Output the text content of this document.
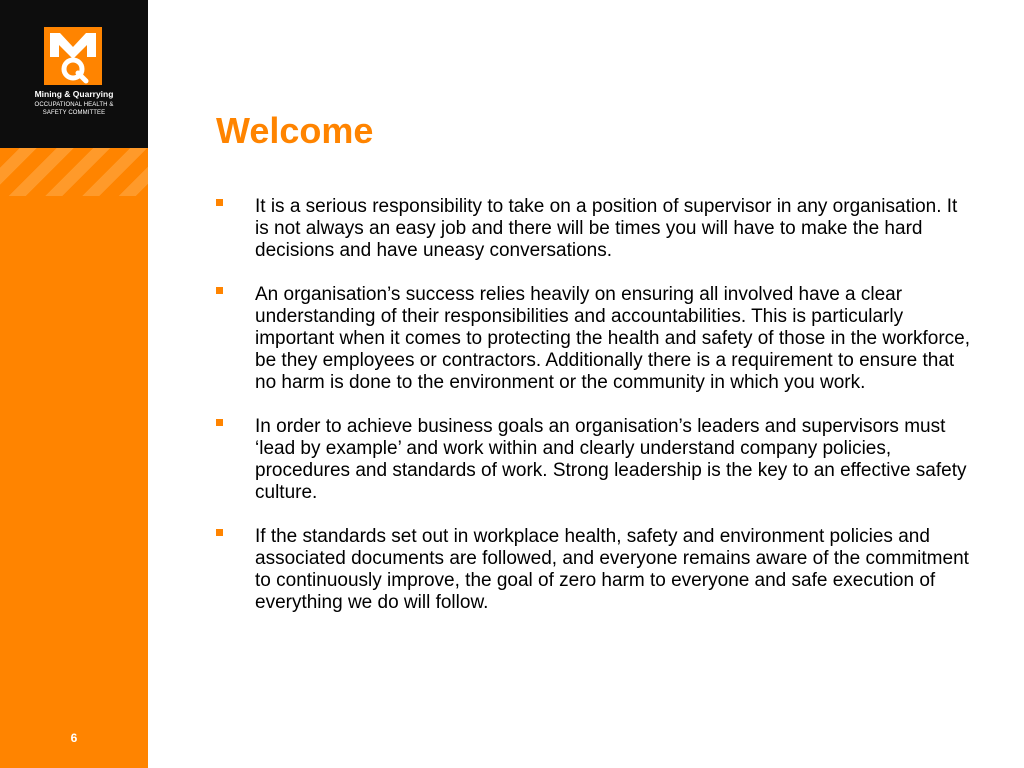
Mining & Quarrying
OCCUPATIONAL HEALTH &
SAFETY COMMITTEE
6
Welcome
It is a serious responsibility to take on a position of supervisor in any organisation. It is not always an easy job and there will be times you will have to make the hard decisions and have uneasy conversations.
An organisation’s success relies heavily on ensuring all involved have a clear understanding of their responsibilities and accountabilities. This is particularly important when it comes to protecting the health and safety of those in the workforce, be they employees or contractors. Additionally there is a requirement to ensure that no harm is done to the environment or the community in which you work.
In order to achieve business goals an organisation’s leaders and supervisors must ‘lead by example’ and work within and clearly understand company policies, procedures and standards of work. Strong leadership is the key to an effective safety culture.
If the standards set out in workplace health, safety and environment policies and associated documents are followed, and everyone remains aware of the commitment to continuously improve, the goal of zero harm to everyone and safe execution of everything we do will follow.
